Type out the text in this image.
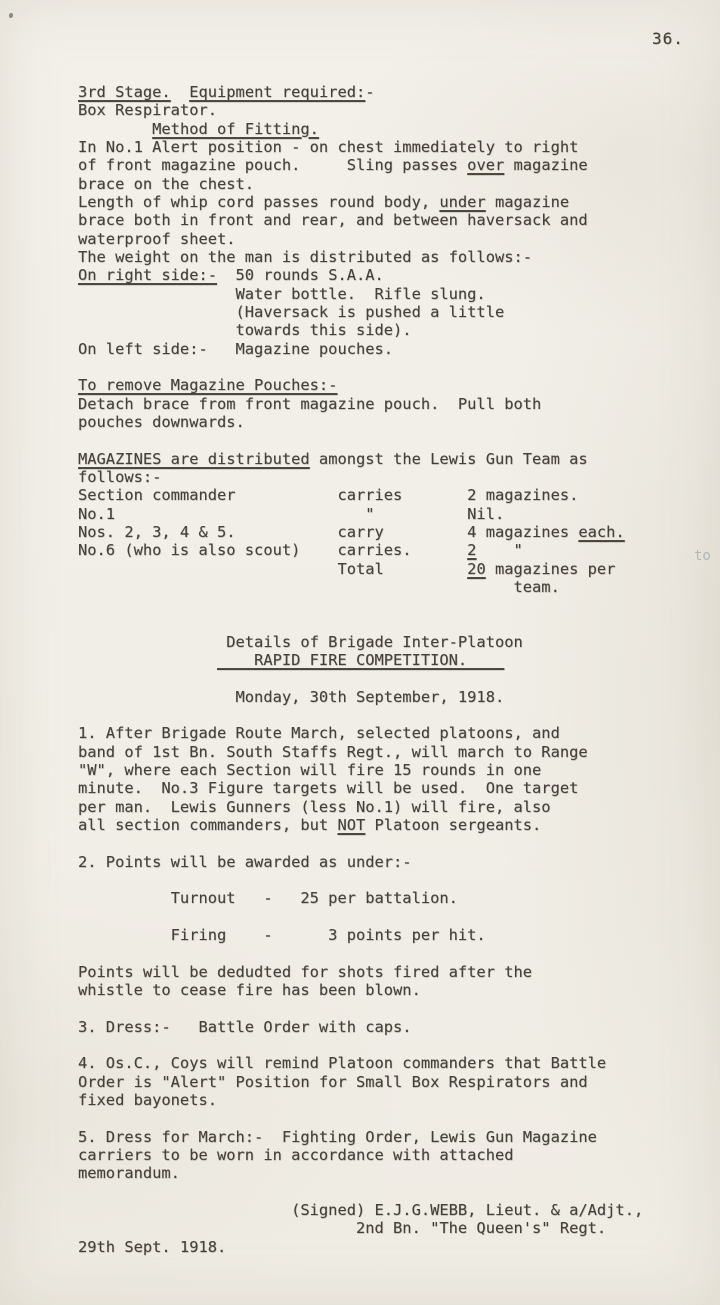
36.
3rd Stage. Equipment required:-
Box Respirator.
Method of Fitting.
In No.1 Alert position - on chest immediately to right
of front magazine pouch.     Sling passes over magazine
brace on the chest.
Length of whip cord passes round body, under magazine
brace both in front and rear, and between haversack and
waterproof sheet.
The weight on the man is distributed as follows:-
On right side:-  50 rounds S.A.A.
Water bottle.  Rifle slung.
(Haversack is pushed a little
towards this side).
On left side:-   Magazine pouches.
To remove Magazine Pouches:-
Detach brace from front magazine pouch.  Pull both
pouches downwards.
MAGAZINES are distributed amongst the Lewis Gun Team as
follows:-
Section commander           carries       2 magazines.
No.1                           "          Nil.
Nos. 2, 3, 4 & 5.           carry         4 magazines each.
No.6 (who is also scout)    carries.      2    "
Total         20 magazines per
team.
Details of Brigade Inter-Platoon
RAPID FIRE COMPETITION.
Monday, 30th September, 1918.
1. After Brigade Route March, selected platoons, and
band of 1st Bn. South Staffs Regt., will march to Range
"W", where each Section will fire 15 rounds in one
minute.  No.3 Figure targets will be used.  One target
per man.  Lewis Gunners (less No.1) will fire, also
all section commanders, but NOT Platoon sergeants.
2. Points will be awarded as under:-
Turnout   -   25 per battalion.
Firing    -      3 points per hit.
Points will be dedudted for shots fired after the
whistle to cease fire has been blown.
3. Dress:-   Battle Order with caps.
4. Os.C., Coys will remind Platoon commanders that Battle
Order is "Alert" Position for Small Box Respirators and
fixed bayonets.
5. Dress for March:-  Fighting Order, Lewis Gun Magazine
carriers to be worn in accordance with attached
memorandum.
(Signed) E.J.G.WEBB, Lieut. & a/Adjt.,
2nd Bn. "The Queen's" Regt.
29th Sept. 1918.
to
